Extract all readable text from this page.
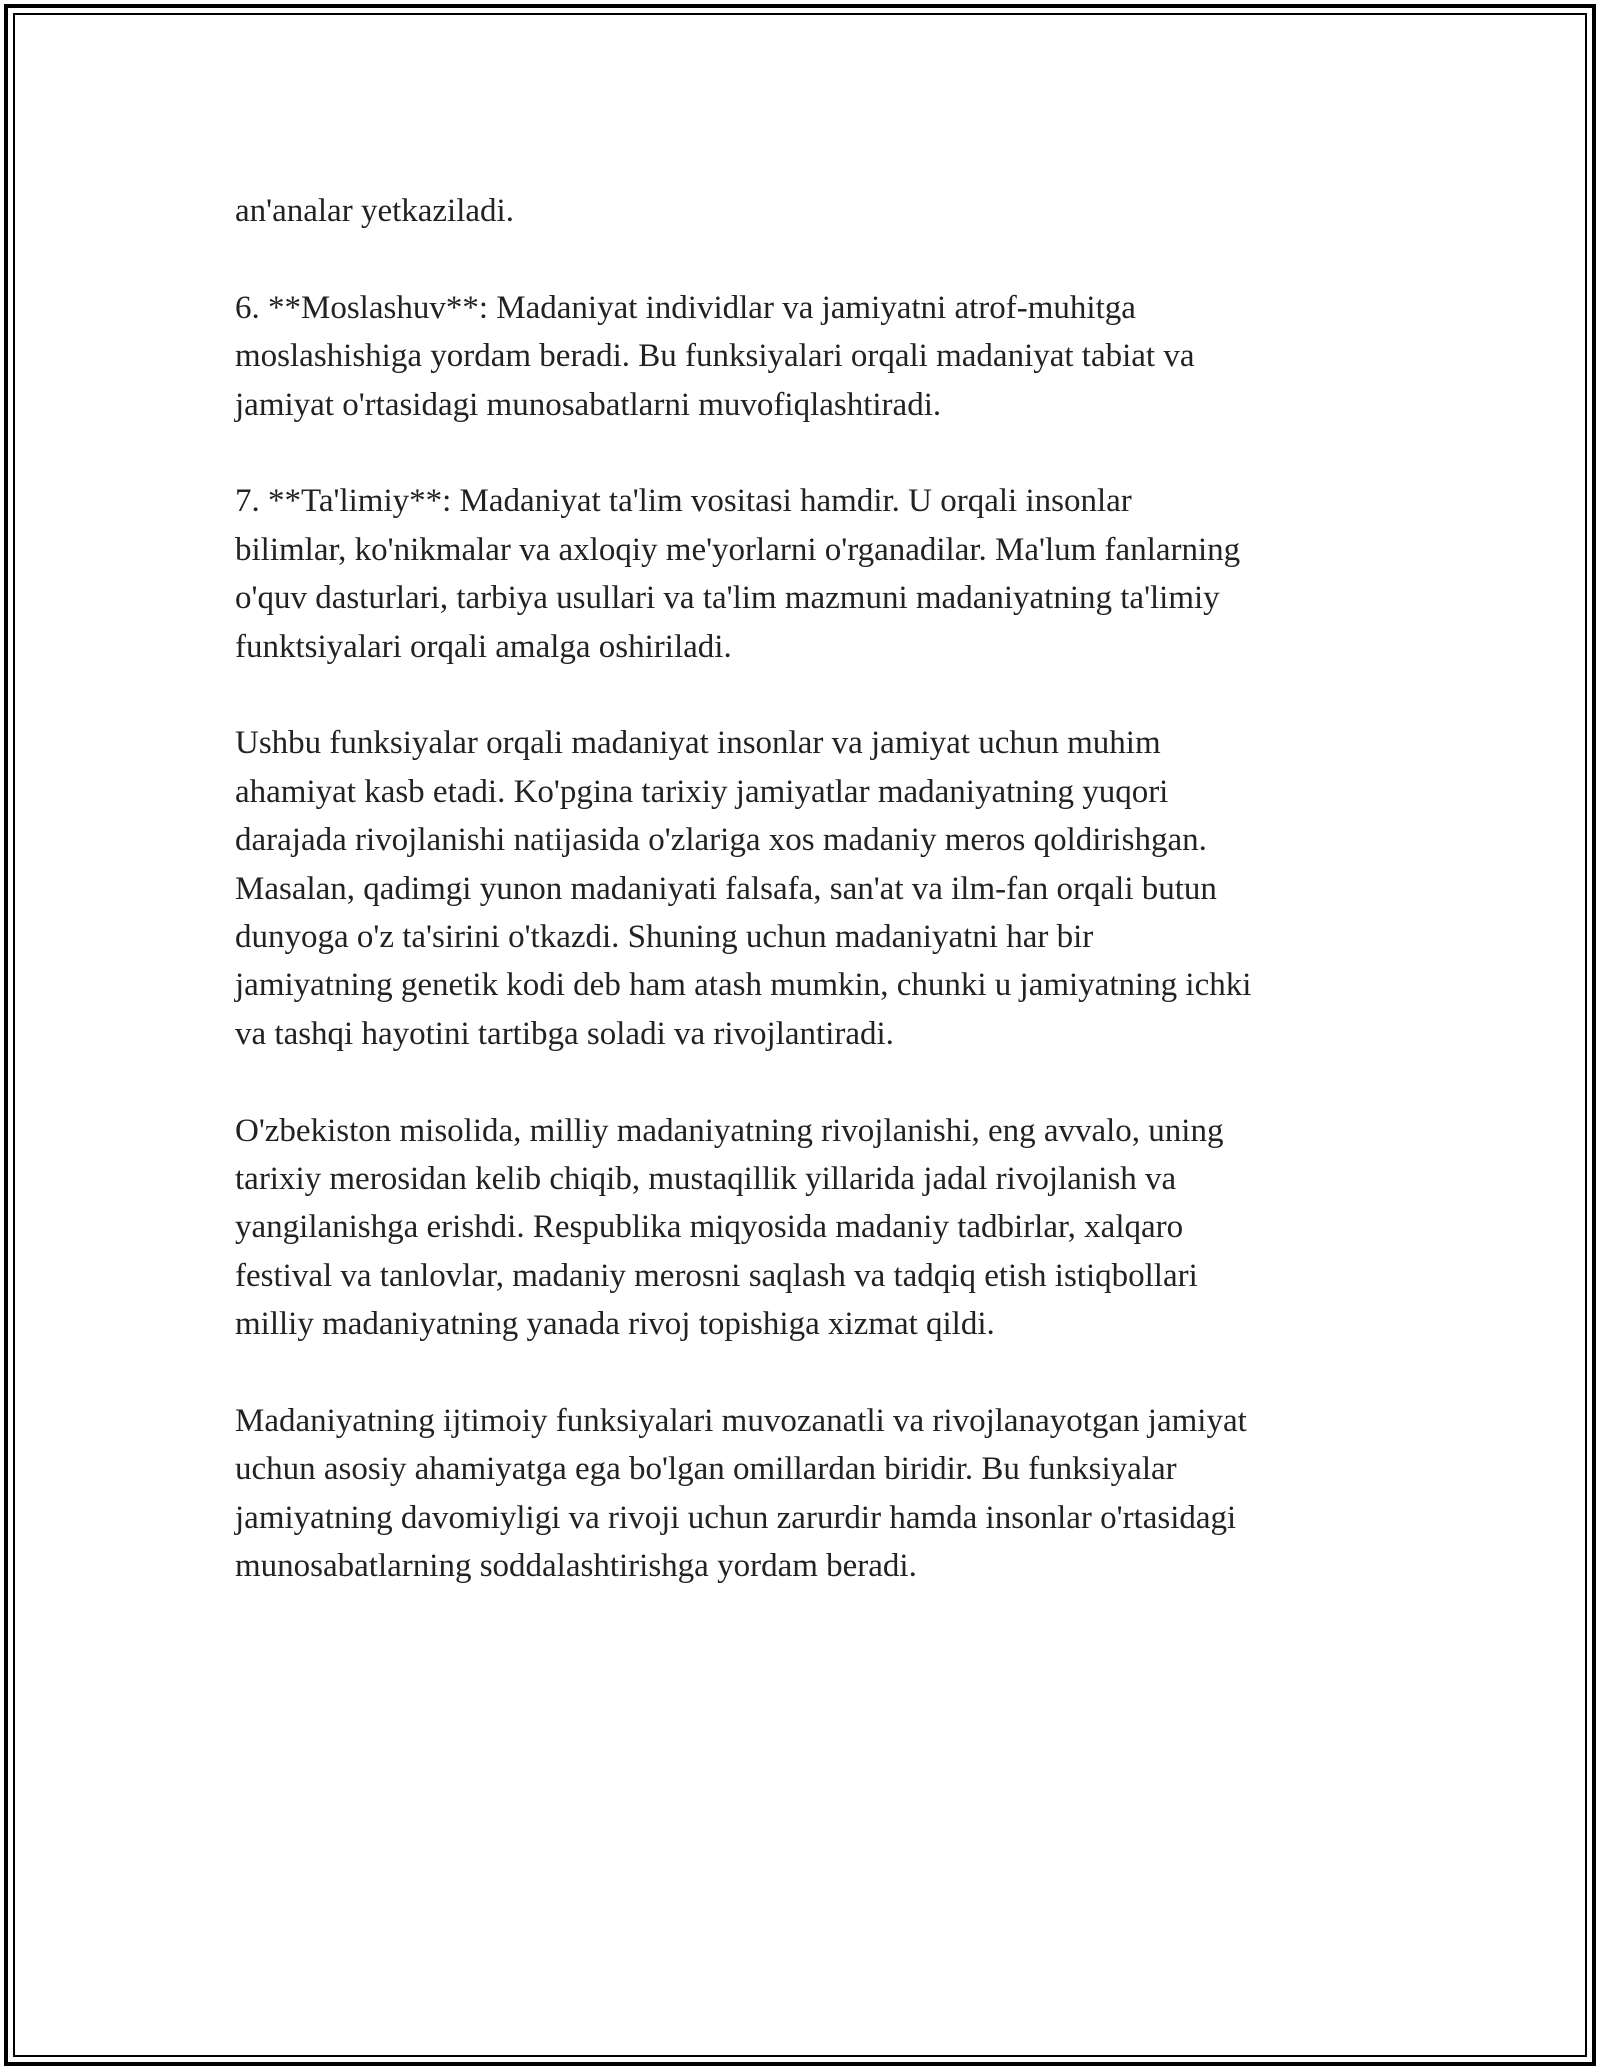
an'analar yetkaziladi.

6. **Moslashuv**: Madaniyat individlar va jamiyatni atrof-muhitga
moslashishiga yordam beradi. Bu funksiyalari orqali madaniyat tabiat va
jamiyat o'rtasidagi munosabatlarni muvofiqlashtiradi.

7. **Ta'limiy**: Madaniyat ta'lim vositasi hamdir. U orqali insonlar
bilimlar, ko'nikmalar va axloqiy me'yorlarni o'rganadilar. Ma'lum fanlarning
o'quv dasturlari, tarbiya usullari va ta'lim mazmuni madaniyatning ta'limiy
funktsiyalari orqali amalga oshiriladi.

Ushbu funksiyalar orqali madaniyat insonlar va jamiyat uchun muhim
ahamiyat kasb etadi. Ko'pgina tarixiy jamiyatlar madaniyatning yuqori
darajada rivojlanishi natijasida o'zlariga xos madaniy meros qoldirishgan.
Masalan, qadimgi yunon madaniyati falsafa, san'at va ilm-fan orqali butun
dunyoga o'z ta'sirini o'tkazdi. Shuning uchun madaniyatni har bir
jamiyatning genetik kodi deb ham atash mumkin, chunki u jamiyatning ichki
va tashqi hayotini tartibga soladi va rivojlantiradi.

O'zbekiston misolida, milliy madaniyatning rivojlanishi, eng avvalo, uning
tarixiy merosidan kelib chiqib, mustaqillik yillarida jadal rivojlanish va
yangilanishga erishdi. Respublika miqyosida madaniy tadbirlar, xalqaro
festival va tanlovlar, madaniy merosni saqlash va tadqiq etish istiqbollari
milliy madaniyatning yanada rivoj topishiga xizmat qildi.

Madaniyatning ijtimoiy funksiyalari muvozanatli va rivojlanayotgan jamiyat
uchun asosiy ahamiyatga ega bo'lgan omillardan biridir. Bu funksiyalar
jamiyatning davomiyligi va rivoji uchun zarurdir hamda insonlar o'rtasidagi
munosabatlarning soddalashtirishga yordam beradi.
